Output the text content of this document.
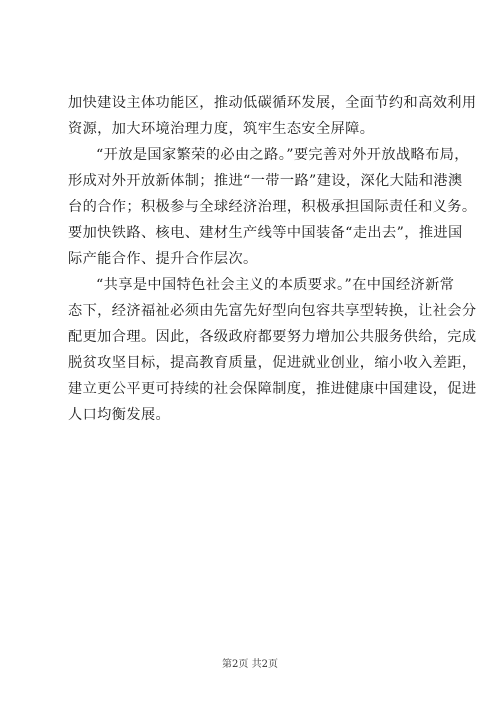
加快建设主体功能区，推动低碳循环发展，全面节约和高效利用
资源，加大环境治理力度，筑牢生态安全屏障。
“开放是国家繁荣的必由之路。”要完善对外开放战略布局，
形成对外开放新体制；推进“一带一路”建设，深化大陆和港澳
台的合作；积极参与全球经济治理，积极承担国际责任和义务。
要加快铁路、核电、建材生产线等中国装备“走出去”，推进国
际产能合作、提升合作层次。
“共享是中国特色社会主义的本质要求。”在中国经济新常
态下，经济福祉必须由先富先好型向包容共享型转换，让社会分
配更加合理。因此，各级政府都要努力增加公共服务供给，完成
脱贫攻坚目标，提高教育质量，促进就业创业，缩小收入差距，
建立更公平更可持续的社会保障制度，推进健康中国建设，促进
人口均衡发展。
第2页 共2页
